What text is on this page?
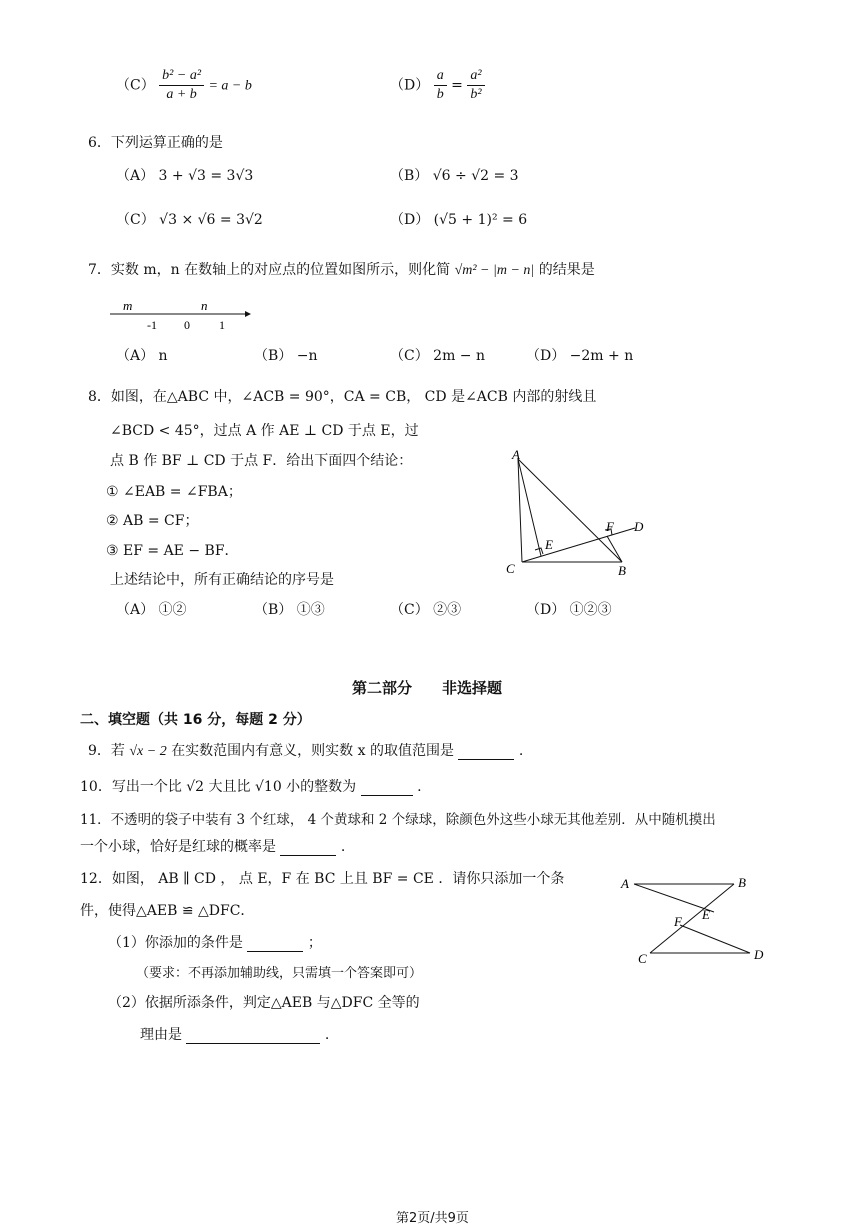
$(C) \frac{\text{b² − a²}}{a + b} = a - b$	$(D) \frac{a}{b} = \frac{\text{a²}}{\text{b²}}$
6．下列运算正确的是
（A） 3 + √3 = 3√3	（B） √6 ÷ √2 = 3
（C） √3 × √6 = 3√2	（D） (√5 + 1)² = 6
7．实数 m，n 在数轴上的对应点的位置如图所示，则化简 √m² − |m − n| 的结果是
m	n
-1 0 1
（A） n	（B） −n	（C） 2m − n	（D） −2m + n
8．如图，在△ABC 中，∠ACB = 90°，CA = CB， CD 是∠ACB 内部的射线且
∠BCD < 45°，过点 A 作 AE ⊥ CD 于点 E，过
点 B 作 BF ⊥ CD 于点 F．给出下面四个结论：
① ∠EAB = ∠FBA；
② AB = CF；
③ EF = AE − BF．
上述结论中，所有正确结论的序号是
（A） ①②	（B） ①③	（C） ②③	（D） ①②③
A
B
C
D
E
F
第二部分　　非选择题
二、填空题（共 16 分，每题 2 分）
9．若 √x − 2 在实数范围内有意义，则实数 x 的取值范围是	.
10．写出一个比 √2 大且比 √10 小的整数为	.
11．不透明的袋子中装有 3 个红球， 4 个黄球和 2 个绿球，除颜色外这些小球无其他差别．从中随机摸出
一个小球，恰好是红球的概率是	.
12．如图， AB ∥ CD ， 点 E，F 在 BC 上且 BF = CE ．请你只添加一个条
件，使得△AEB ≌ △DFC．
（1）你添加的条件是	；
（要求：不再添加辅助线，只需填一个答案即可）
（2）依据所添条件，判定△AEB 与△DFC 全等的
理由是	.
A	B
C	D
E
F
第2页/共9页
